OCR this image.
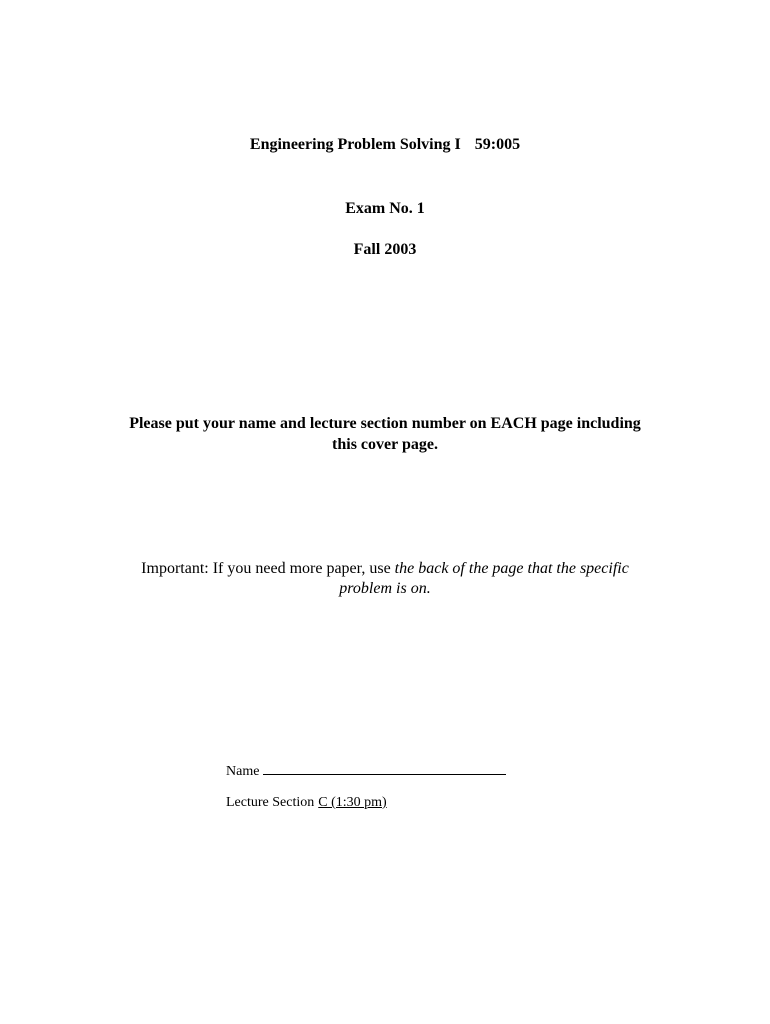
Engineering Problem Solving I 59:005
Exam No. 1
Fall 2003
Please put your name and lecture section number on EACH page including
this cover page.
Important: If you need more paper, use the back of the page that the specific
problem is on.
Name
Lecture Section C (1:30 pm)
